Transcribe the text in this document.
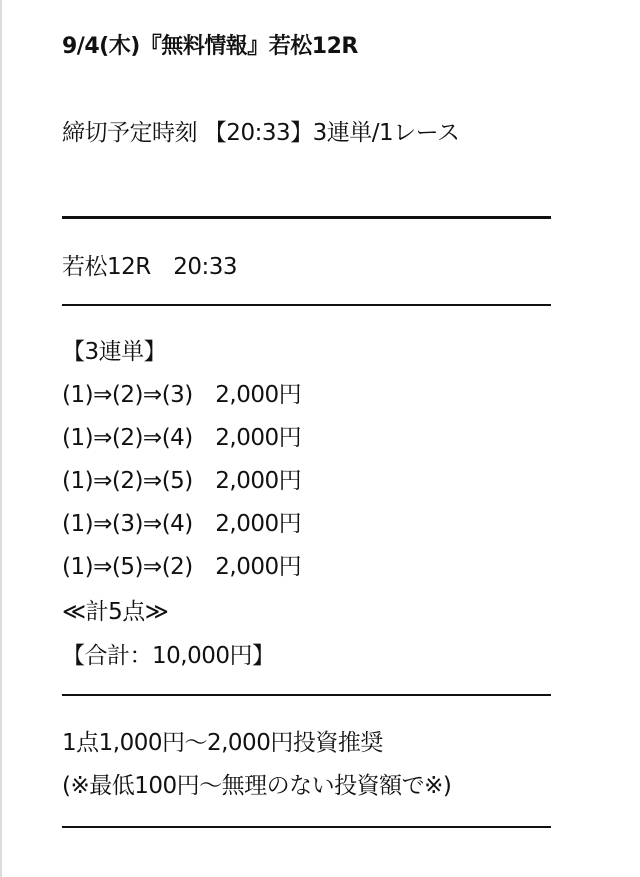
9/4(木)『無料情報』若松12R
締切予定時刻 【20:33】3連単/1レース
若松12R　20:33
【3連単】
(1)⇒(2)⇒(3)　2,000円
(1)⇒(2)⇒(4)　2,000円
(1)⇒(2)⇒(5)　2,000円
(1)⇒(3)⇒(4)　2,000円
(1)⇒(5)⇒(2)　2,000円
≪計5点≫
【合計：10,000円】
1点1,000円〜2,000円投資推奨
(※最低100円〜無理のない投資額で※)
